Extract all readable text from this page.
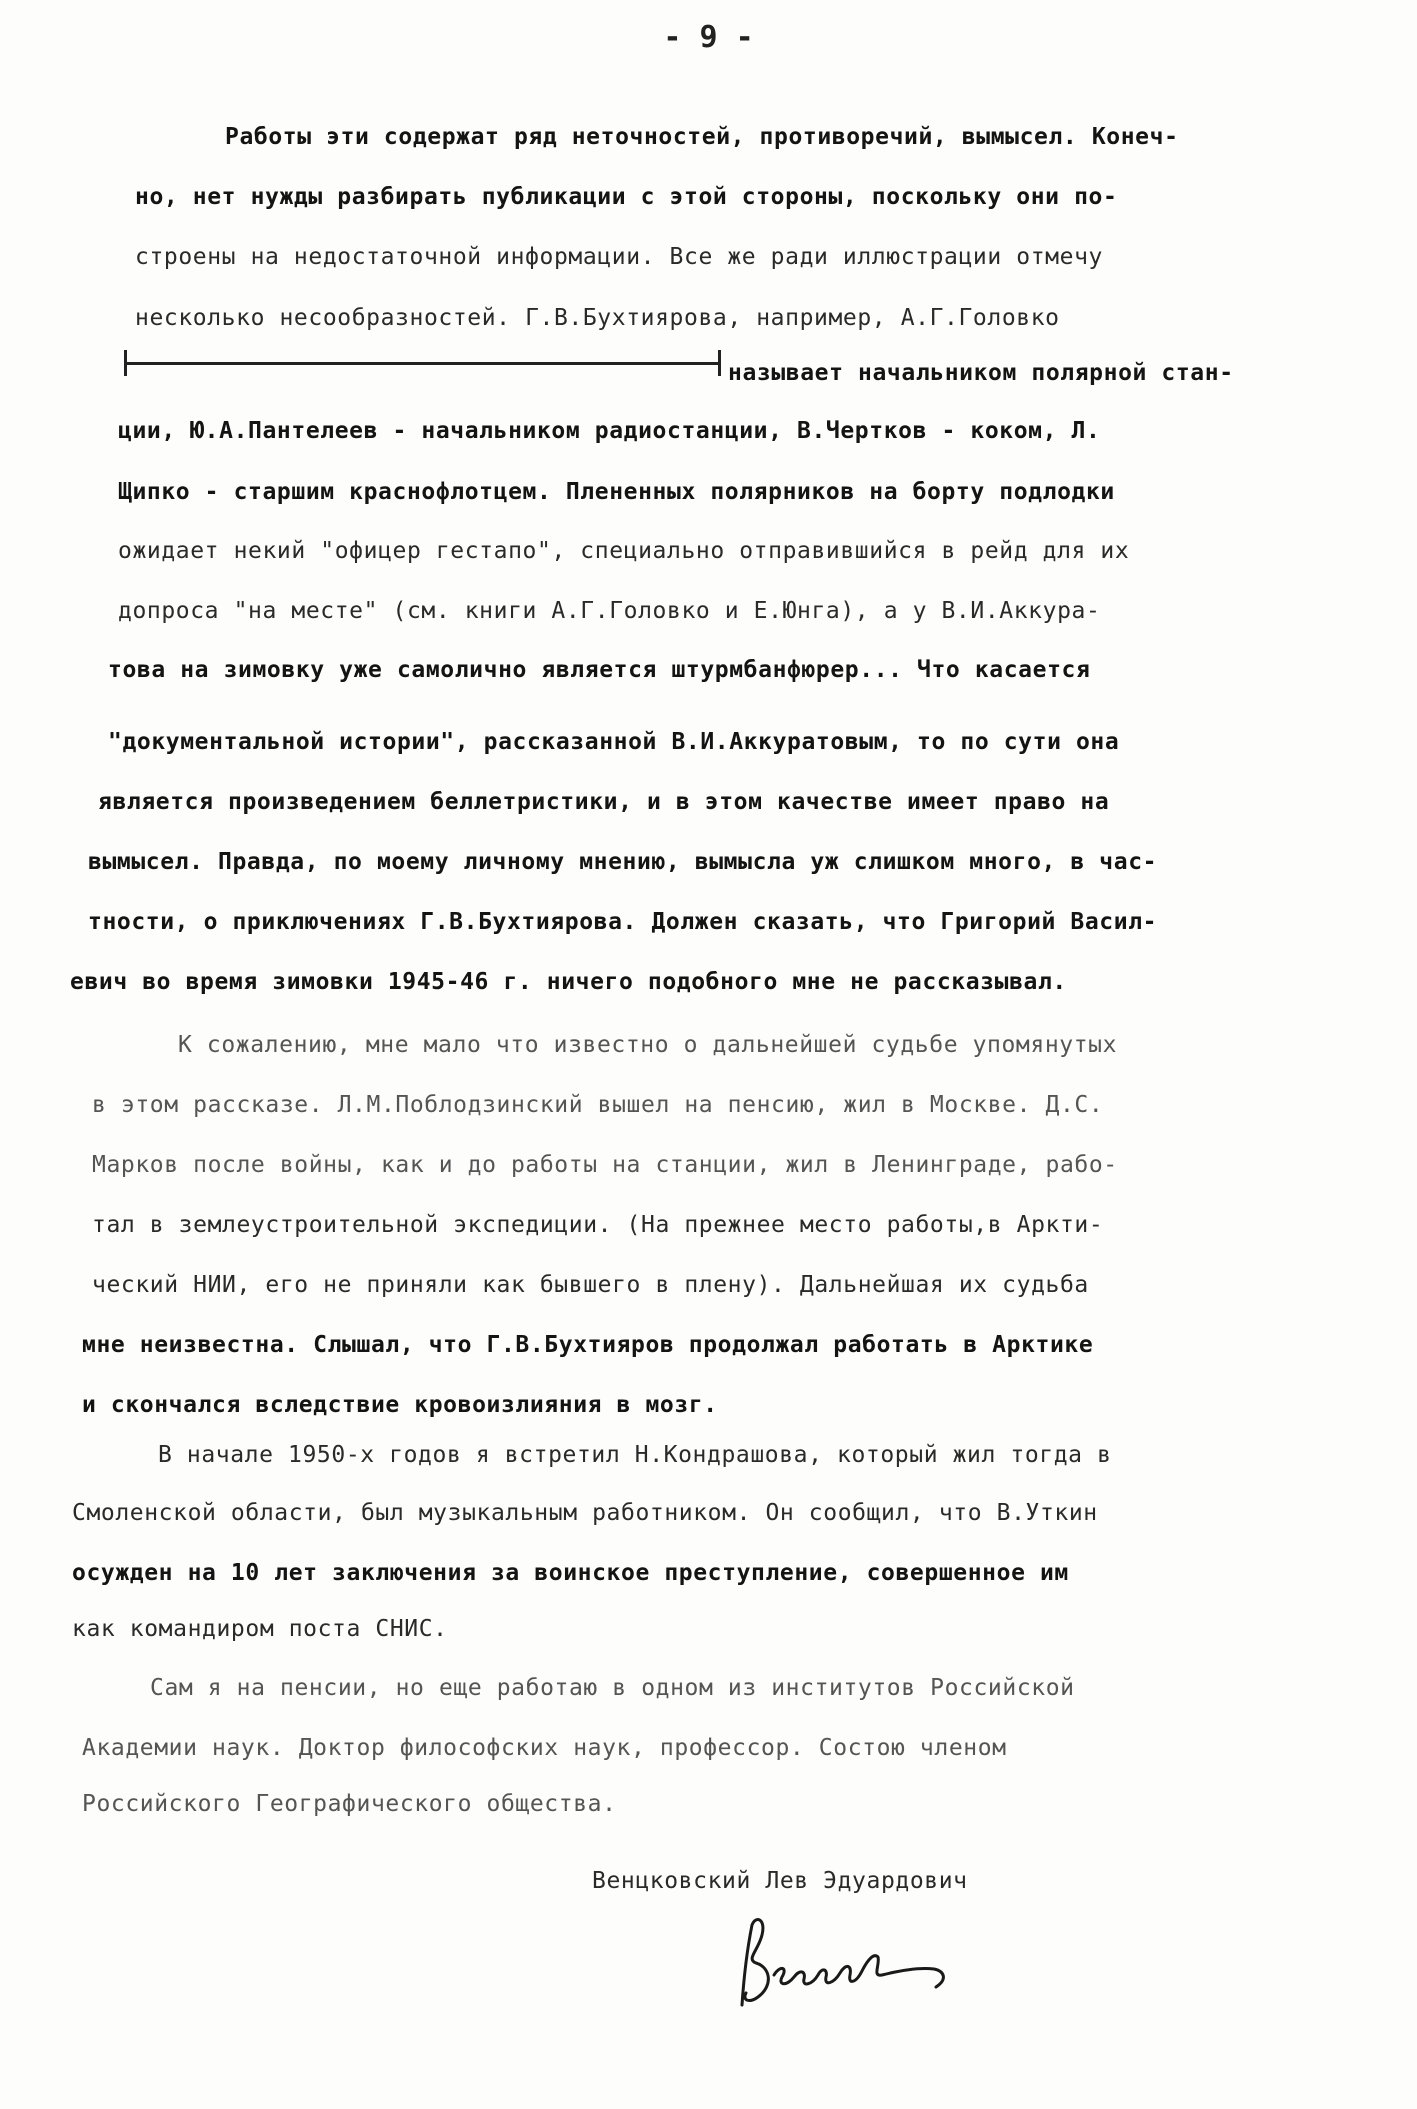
- 9 -
Работы эти содержат ряд неточностей, противоречий, вымысел. Конеч-
но, нет нужды разбирать публикации с этой стороны, поскольку они по-
строены на недостаточной информации. Все же ради иллюстрации отмечу
несколько несообразностей. Г.В.Бухтиярова, например, А.Г.Головко
называет начальником полярной стан-
ции, Ю.А.Пантелеев - начальником радиостанции, В.Чертков - коком, Л.
Щипко - старшим краснофлотцем. Плененных полярников на борту подлодки
ожидает некий "офицер гестапо", специально отправившийся в рейд для их
допроса "на месте" (см. книги А.Г.Головко и Е.Юнга), а у В.И.Аккура-
това на зимовку уже самолично является штурмбанфюрер... Что касается
"документальной истории", рассказанной В.И.Аккуратовым, то по сути она
является произведением беллетристики, и в этом качестве имеет право на
вымысел. Правда, по моему личному мнению, вымысла уж слишком много, в час-
тности, о приключениях Г.В.Бухтиярова. Должен сказать, что Григорий Васил-
евич во время зимовки 1945-46 г. ничего подобного мне не рассказывал.
К сожалению, мне мало что известно о дальнейшей судьбе упомянутых
в этом рассказе. Л.М.Поблодзинский вышел на пенсию, жил в Москве. Д.С.
Марков после войны, как и до работы на станции, жил в Ленинграде, рабо-
тал в землеустроительной экспедиции. (На прежнее место работы,в Аркти-
ческий НИИ, его не приняли как бывшего в плену). Дальнейшая их судьба
мне неизвестна. Слышал, что Г.В.Бухтияров продолжал работать в Арктике
и скончался вследствие кровоизлияния в мозг.
В начале 1950-х годов я встретил Н.Кондрашова, который жил тогда в
Смоленской области, был музыкальным работником. Он сообщил, что В.Уткин
осужден на 10 лет заключения за воинское преступление, совершенное им
как командиром поста СНИС.
Сам я на пенсии, но еще работаю в одном из институтов Российской
Академии наук. Доктор философских наук, профессор. Состою членом
Российского Географического общества.
Венцковский Лев Эдуардович
